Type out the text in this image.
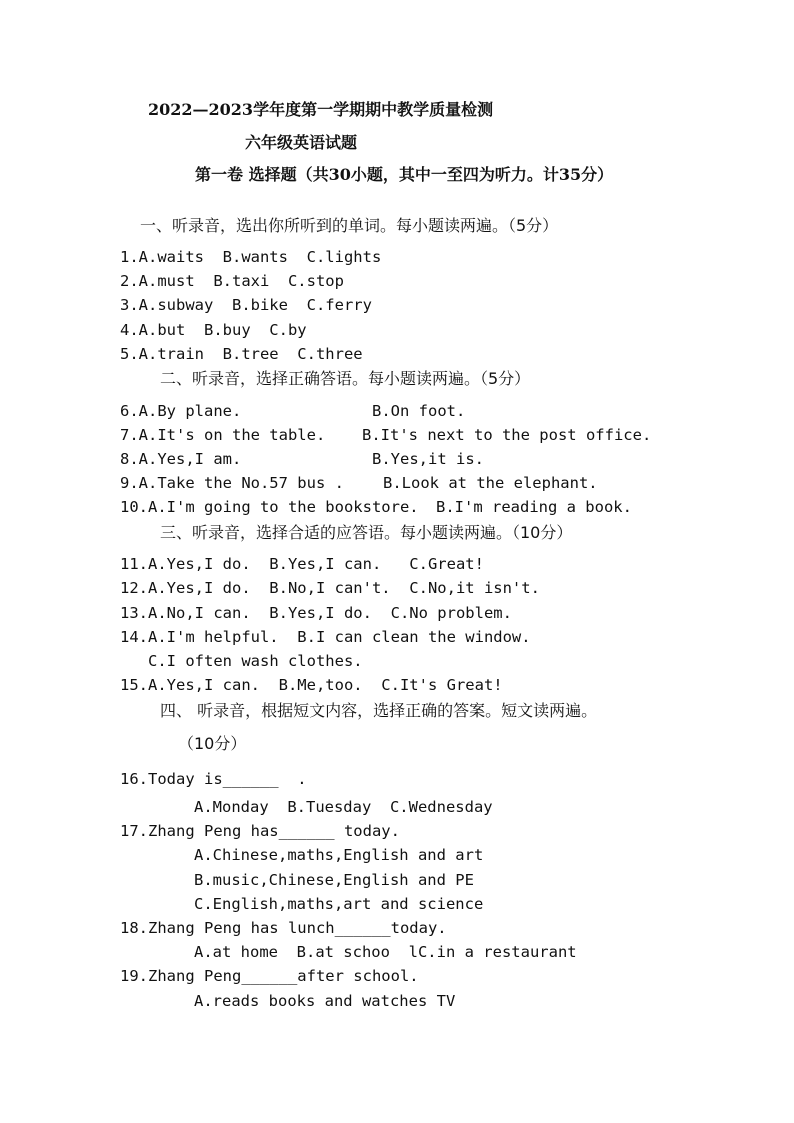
2022—2023学年度第一学期期中教学质量检测
六年级英语试题
第一卷 选择题（共30小题，其中一至四为听力。计35分）
一、听录音，选出你所听到的单词。每小题读两遍。（5分）
1.A.waits  B.wants  C.lights
2.A.must  B.taxi  C.stop
3.A.subway  B.bike  C.ferry
4.A.but  B.buy  C.by
5.A.train  B.tree  C.three
二、听录音，选择正确答语。每小题读两遍。（5分）
6.A.By plane.	B.On foot.
7.A.It's on the table. B.It's next to the post office.
8.A.Yes,I am.	B.Yes,it is.
9.A.Take the No.57 bus .	B.Look at the elephant.
10.A.I'm going to the bookstore. B.I'm reading a book.
三、听录音，选择合适的应答语。每小题读两遍。（10分）
11.A.Yes,I do.  B.Yes,I can.   C.Great!
12.A.Yes,I do.  B.No,I can't.  C.No,it isn't.
13.A.No,I can.  B.Yes,I do.  C.No problem.
14.A.I'm helpful.  B.I can clean the window.
C.I often wash clothes.
15.A.Yes,I can.  B.Me,too.  C.It's Great!
四、 听录音，根据短文内容，选择正确的答案。短文读两遍。
（10分）
16.Today is______  .
A.Monday  B.Tuesday  C.Wednesday
17.Zhang Peng has______ today.
A.Chinese,maths,English and art
B.music,Chinese,English and PE
C.English,maths,art and science
18.Zhang Peng has lunch______today.
A.at home  B.at schoo  lC.in a restaurant
19.Zhang Peng______after school.
A.reads books and watches TV
